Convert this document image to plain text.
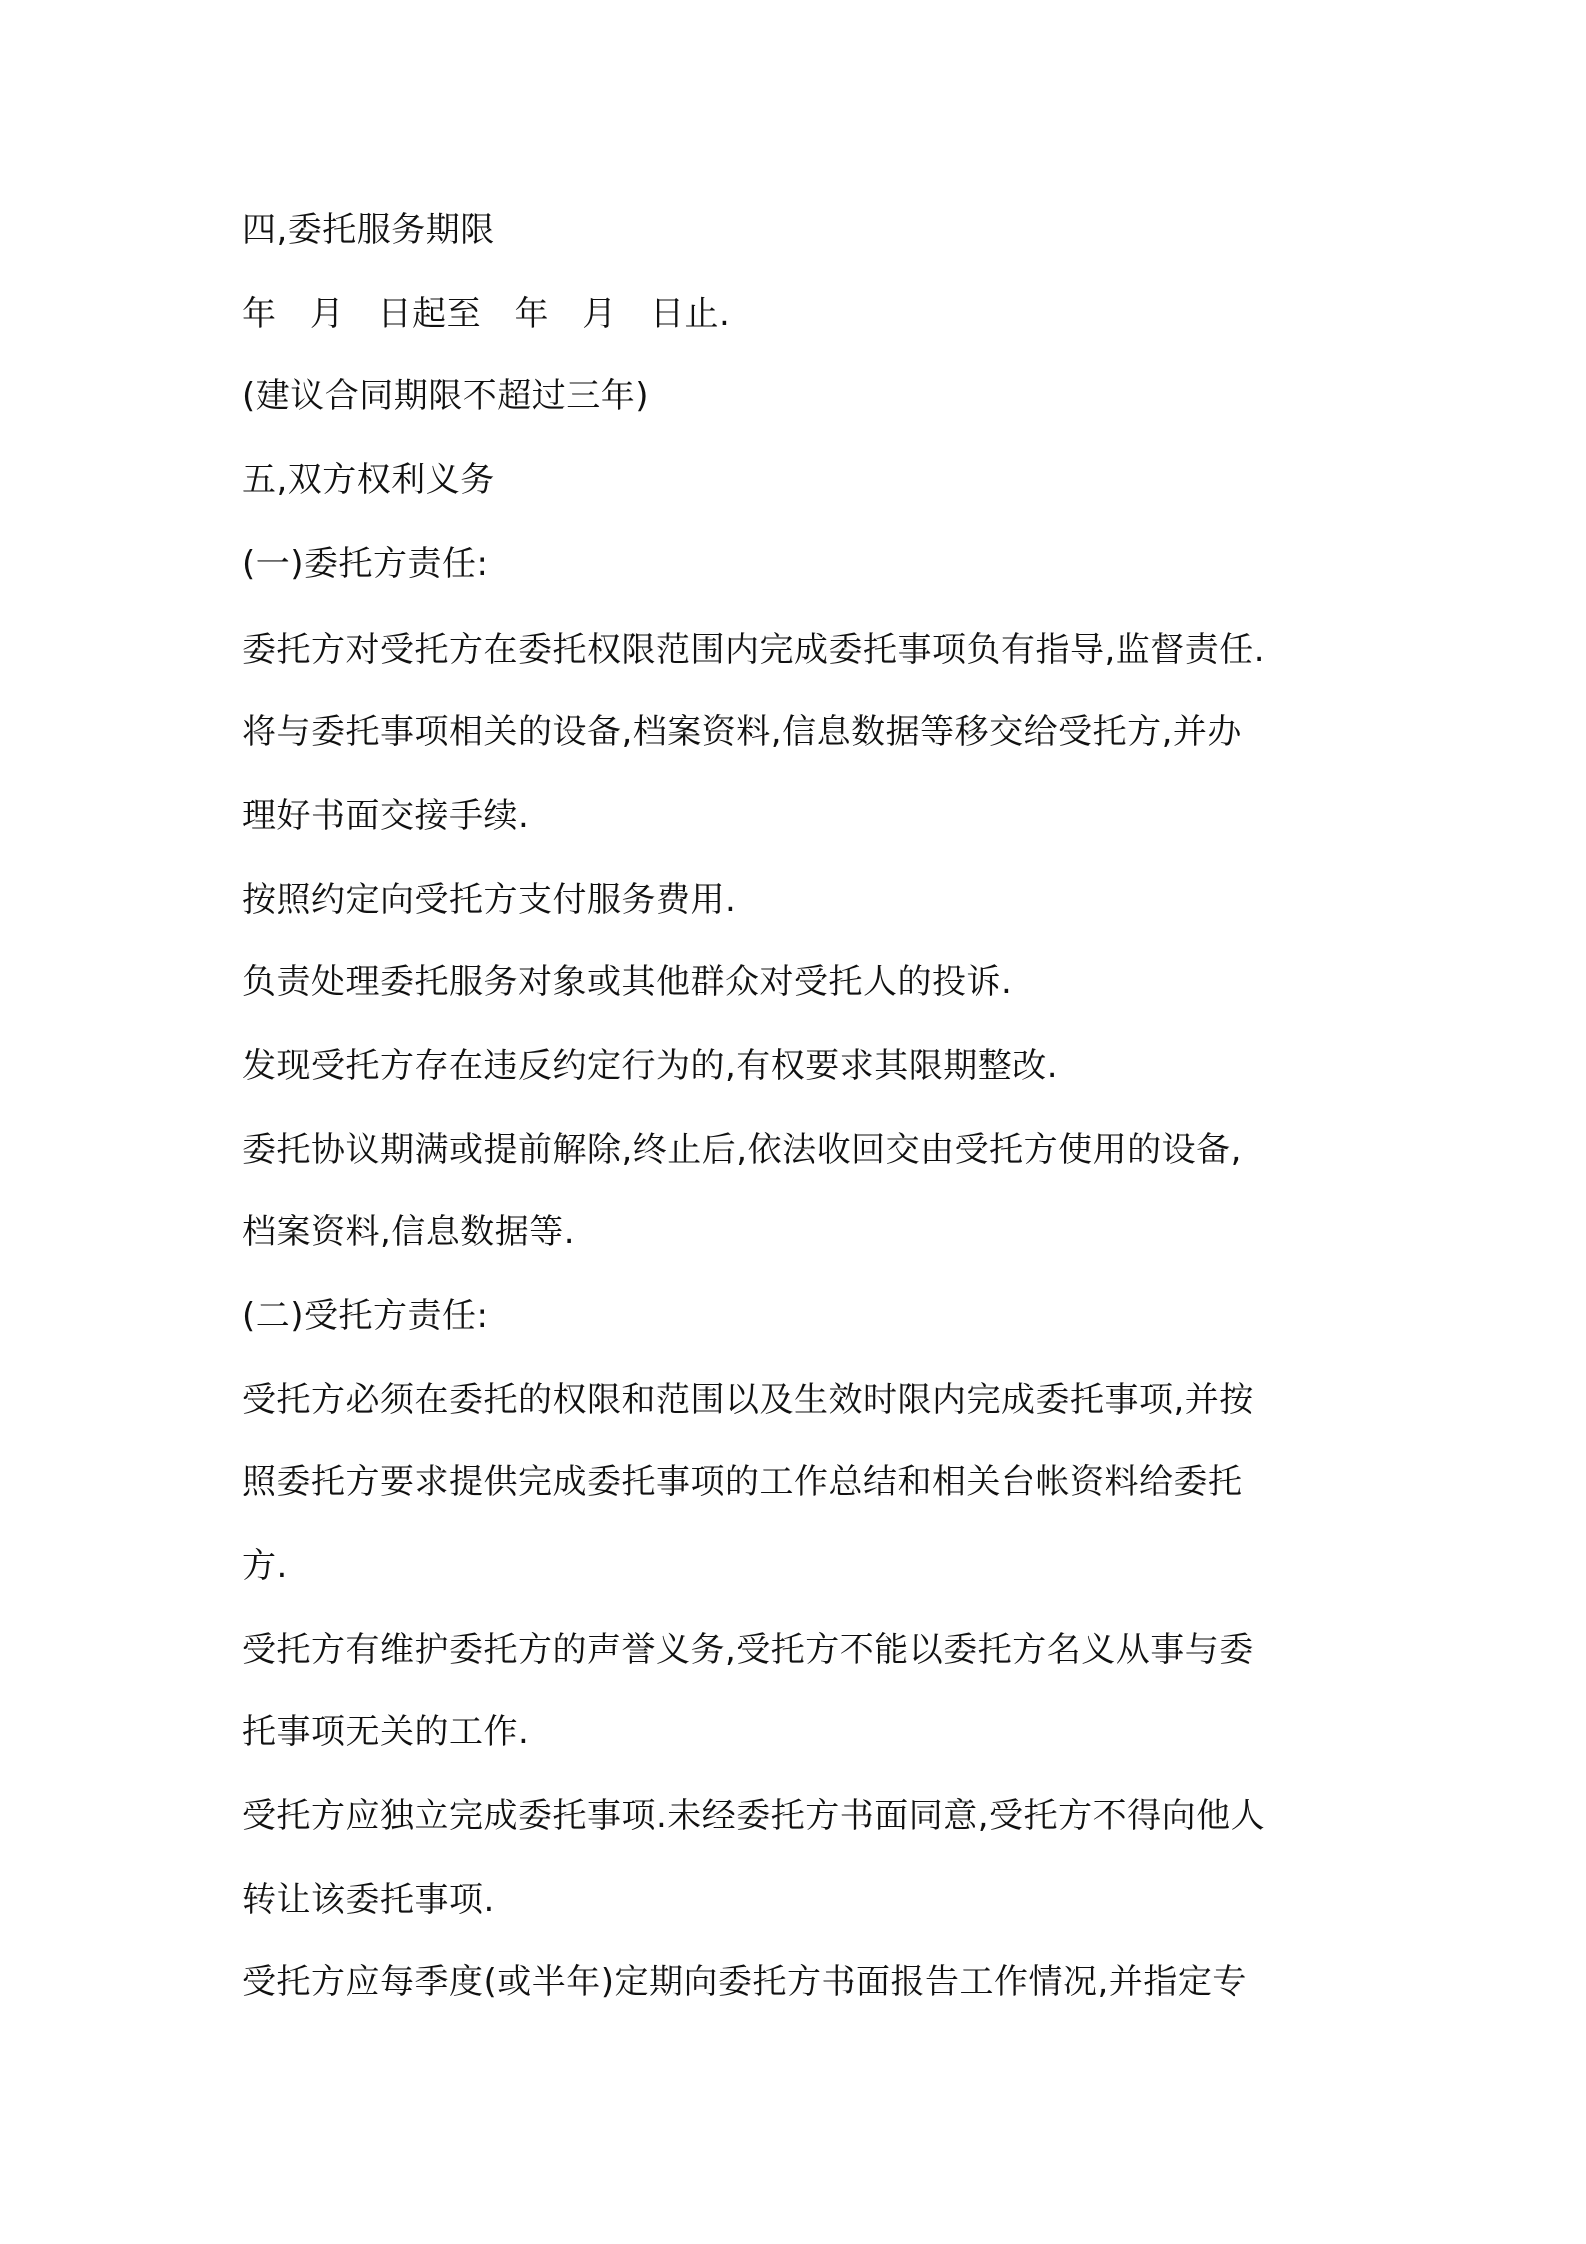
四,委托服务期限

年 月 日起至 年 月 日止.

(建议合同期限不超过三年)

五,双方权利义务

(一)委托方责任:

委托方对受托方在委托权限范围内完成委托事项负有指导,监督责任.

将与委托事项相关的设备,档案资料,信息数据等移交给受托方,并办

理好书面交接手续.

按照约定向受托方支付服务费用.

负责处理委托服务对象或其他群众对受托人的投诉.

发现受托方存在违反约定行为的,有权要求其限期整改.

委托协议期满或提前解除,终止后,依法收回交由受托方使用的设备,

档案资料,信息数据等.

(二)受托方责任:

受托方必须在委托的权限和范围以及生效时限内完成委托事项,并按

照委托方要求提供完成委托事项的工作总结和相关台帐资料给委托

方.

受托方有维护委托方的声誉义务,受托方不能以委托方名义从事与委

托事项无关的工作.

受托方应独立完成委托事项.未经委托方书面同意,受托方不得向他人

转让该委托事项.

受托方应每季度(或半年)定期向委托方书面报告工作情况,并指定专
